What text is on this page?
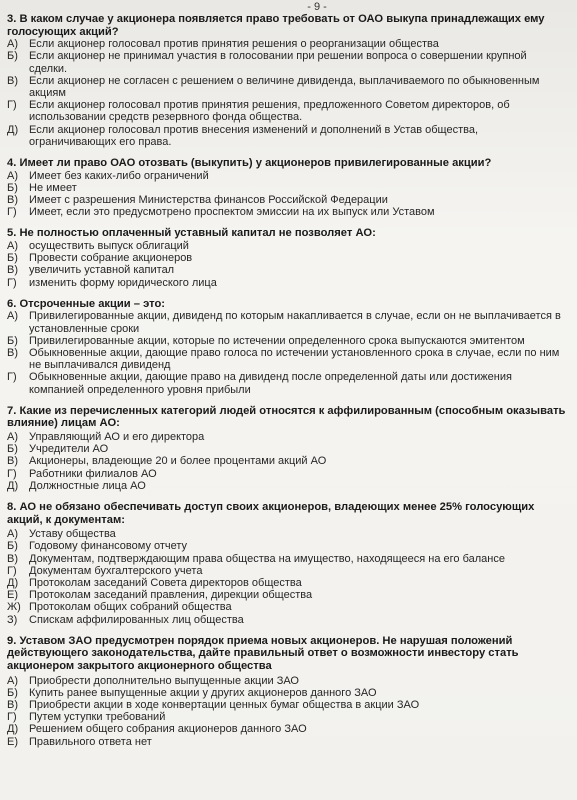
- 9 -
3. В каком случае у акционера появляется право требовать от ОАО выкупа принадлежащих ему голосующих акций?
А)	Если акционер голосовал против принятия решения о реорганизации общества
Б)	Если акционер не принимал участия в голосовании при решении вопроса о совершении крупной сделки.
В)	Если акционер не согласен с решением о величине дивиденда, выплачиваемого по обыкновенным акциям
Г)	Если акционер голосовал против принятия решения, предложенного Советом директоров, об использовании средств резервного фонда общества.
Д) Если акционер голосовал против внесения изменений и дополнений в Устав общества, ограничивающих его права.
4. Имеет ли право ОАО отозвать (выкупить) у акционеров привилегированные акции?
А)	Имеет без каких-либо ограничений
Б)	Не имеет
В)	Имеет с разрешения Министерства финансов Российской Федерации
Г)	Имеет, если это предусмотрено проспектом эмиссии на их выпуск или Уставом
5. Не полностью оплаченный уставный капитал не позволяет АО:
А)	осуществить выпуск облигаций
Б)	Провести собрание акционеров
В)	увеличить уставной капитал
Г)	изменить форму юридического лица
6. Отсроченные акции – это:
А)	Привилегированные акции, дивиденд по которым накапливается в случае, если он не выплачивается в установленные сроки
Б)	Привилегированные акции, которые по истечении определенного срока выпускаются эмитентом
В)	Обыкновенные акции, дающие право голоса по истечении установленного срока в случае, если по ним не выплачивался дивиденд
Г)	Обыкновенные акции, дающие право на дивиденд после определенной даты или достижения компанией определенного уровня прибыли
7. Какие из перечисленных категорий людей относятся к аффилированным (способным оказывать влияние) лицам АО:
А)	Управляющий АО и его директора
Б)	Учредители АО
В)	Акционеры, владеющие 20 и более процентами акций АО
Г)	Работники филиалов АО
Д) Должностные лица АО
8. АО не обязано обеспечивать доступ своих акционеров, владеющих менее 25% голосующих акций, к документам:
А)	Уставу общества
Б)	Годовому финансовому отчету
В)	Документам, подтверждающим права общества на имущество, находящееся на его балансе
Г)	Документам бухгалтерского учета
Д) Протоколам заседаний Совета директоров общества
Е)	Протоколам заседаний правления, дирекции общества
Ж) Протоколам общих собраний общества
З)	Спискам аффилированных лиц общества
9. Уставом ЗАО предусмотрен порядок приема новых акционеров. Не нарушая положений действующего законодательства, дайте правильный ответ о возможности инвестору стать акционером закрытого акционерного общества
А)	Приобрести дополнительно выпущенные акции ЗАО
Б)	Купить ранее выпущенные акции у других акционеров данного ЗАО
В)	Приобрести акции в ходе конвертации ценных бумаг общества в акции ЗАО
Г)	Путем уступки требований
Д) Решением общего собрания акционеров данного ЗАО
Е)	Правильного ответа нет
